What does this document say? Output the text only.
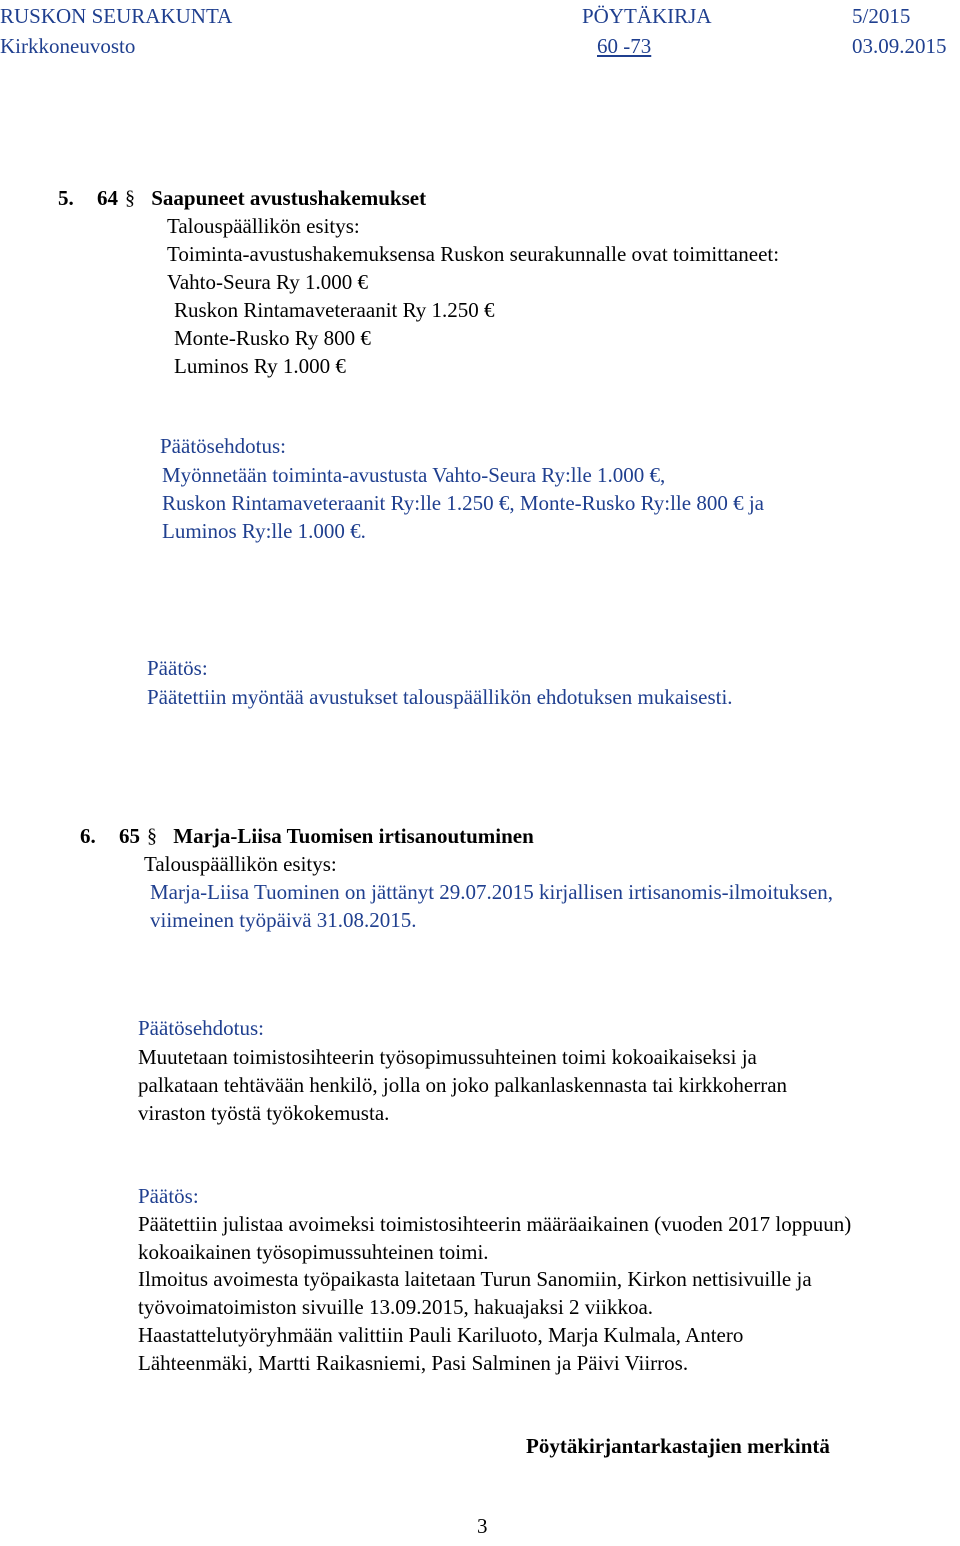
RUSKON SEURAKUNTA
Kirkkoneuvosto
PÖYTÄKIRJA
60 -73
5/2015
03.09.2015
5. 64 § Saapuneet avustushakemukset
Talouspäällikön esitys:
Toiminta-avustushakemuksensa Ruskon seurakunnalle ovat toimittaneet:
Vahto-Seura Ry 1.000 €
Ruskon Rintamaveteraanit Ry 1.250 €
Monte-Rusko Ry 800 €
Luminos Ry 1.000 €
Päätösehdotus:
Myönnetään toiminta-avustusta Vahto-Seura Ry:lle 1.000 €,
Ruskon Rintamaveteraanit Ry:lle 1.250 €, Monte-Rusko Ry:lle 800 € ja
Luminos Ry:lle 1.000 €.
Päätös:
Päätettiin myöntää avustukset talouspäällikön ehdotuksen mukaisesti.
6. 65 § Marja-Liisa Tuomisen irtisanoutuminen
Talouspäällikön esitys:
Marja-Liisa Tuominen on jättänyt 29.07.2015 kirjallisen irtisanomis-ilmoituksen,
viimeinen työpäivä 31.08.2015.
Päätösehdotus:
Muutetaan toimistosihteerin työsopimussuhteinen toimi kokoaikaiseksi ja
palkataan tehtävään henkilö, jolla on joko palkanlaskennasta tai kirkkoherran
viraston työstä työkokemusta.
Päätös:
Päätettiin julistaa avoimeksi toimistosihteerin määräaikainen (vuoden 2017 loppuun)
kokoaikainen työsopimussuhteinen toimi.
Ilmoitus avoimesta työpaikasta laitetaan Turun Sanomiin, Kirkon nettisivuille ja
työvoimatoimiston sivuille 13.09.2015, hakuajaksi 2 viikkoa.
Haastattelutyöryhmään valittiin Pauli Kariluoto, Marja Kulmala, Antero
Lähteenmäki, Martti Raikasniemi, Pasi Salminen ja Päivi Viirros.
Pöytäkirjantarkastajien merkintä
3
